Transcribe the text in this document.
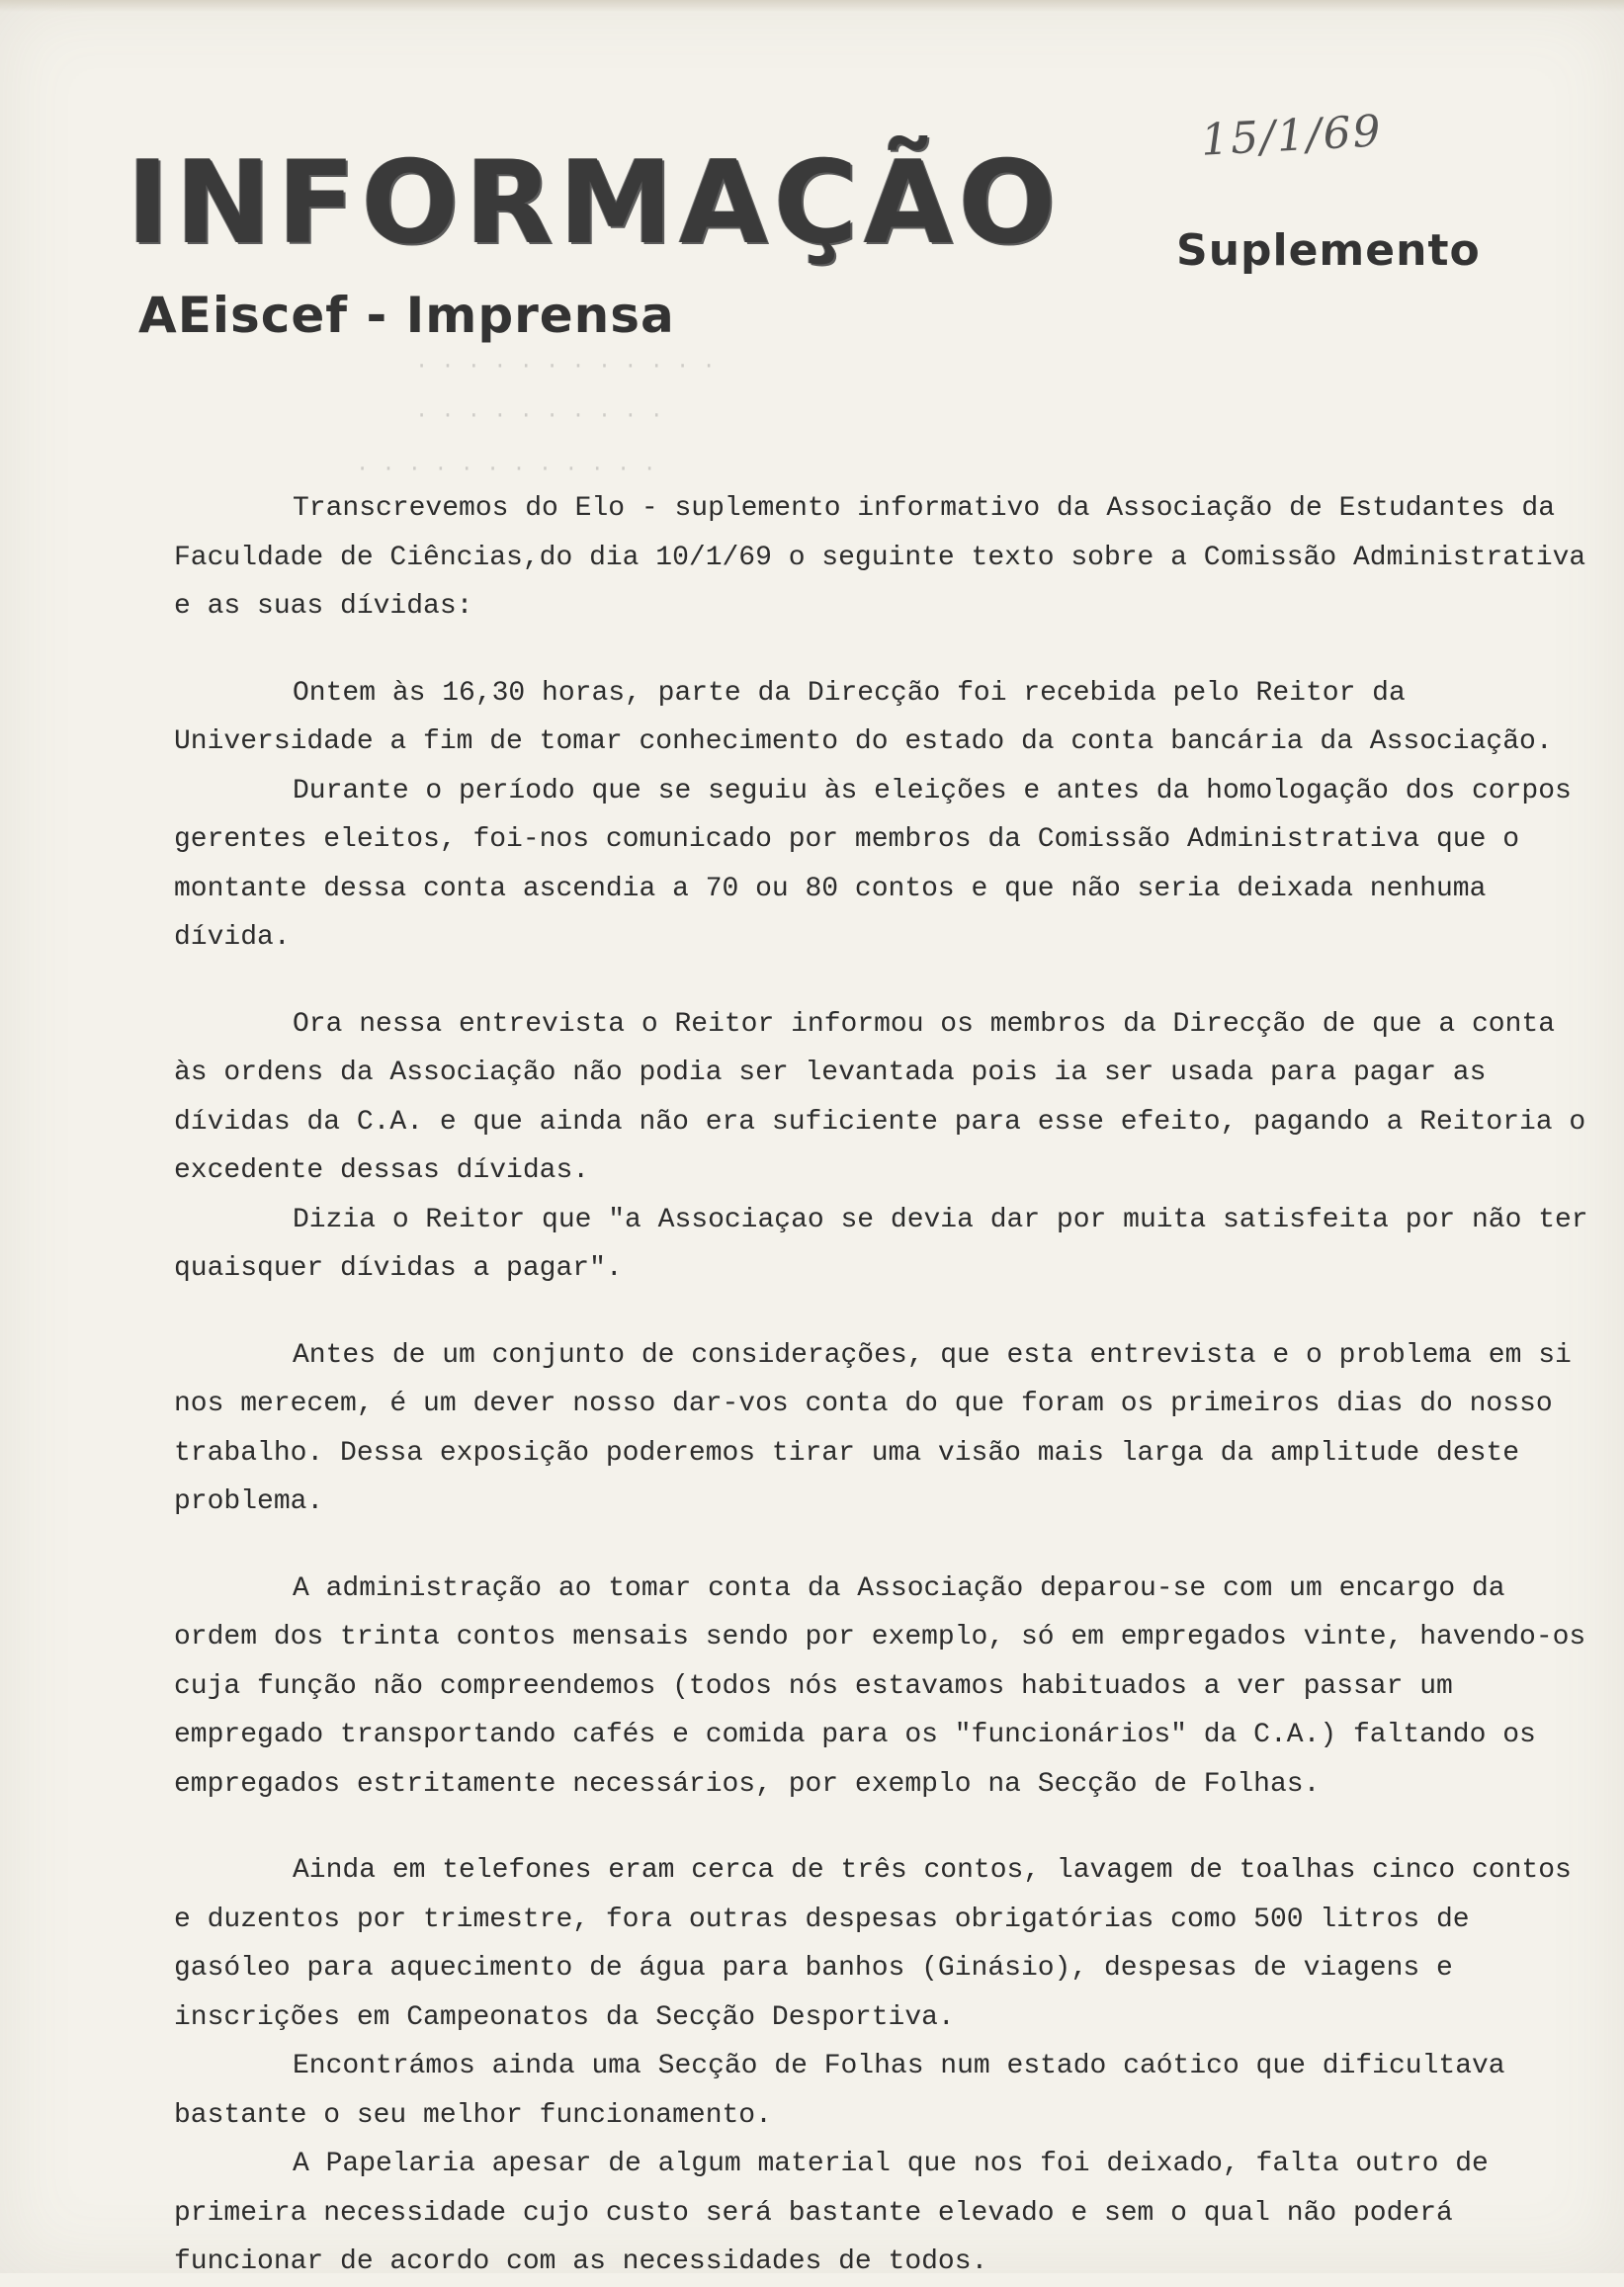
15/1/69
INFORMAÇÃO	Suplemento
AEiscef - Imprensa
· · · · · · · · · · · ·
· · · · · · · · · ·
· · · · · · · · · · · ·

Transcrevemos do Elo - suplemento informativo da Associação de Estudantes da Faculdade de Ciências,do dia 10/1/69 o seguinte texto sobre a Comissão Administrativa e as suas dívidas:

Ontem às 16,30 horas, parte da Direcção foi recebida pelo Reitor da Universidade a fim de tomar conhecimento do estado da conta bancária da Associação.

Durante o período que se seguiu às eleições e antes da homologação dos corpos gerentes eleitos, foi-nos comunicado por membros da Comissão Administrativa que o montante dessa conta ascendia a 70 ou 80 contos e que não seria deixada nenhuma dívida.

Ora nessa entrevista o Reitor informou os membros da Direcção de que a conta às ordens da Associação não podia ser levantada pois ia ser usada para pagar as dívidas da C.A. e que ainda não era suficiente para esse efeito, pagando a Reitoria o excedente dessas dívidas.

Dizia o Reitor que "a Associaçao se devia dar por muita satisfeita por não ter quaisquer dívidas a pagar".

Antes de um conjunto de considerações, que esta entrevista e o problema em si nos merecem, é um dever nosso dar-vos conta do que foram os primeiros dias do nosso trabalho. Dessa exposição poderemos tirar uma visão mais larga da amplitude deste problema.

A administração ao tomar conta da Associação deparou-se com um encargo da ordem dos trinta contos mensais sendo por exemplo, só em empregados vinte, havendo-os cuja função não compreendemos (todos nós estavamos habituados a ver passar um empregado transportando cafés e comida para os "funcionários" da C.A.) faltando os empregados estritamente necessários, por exemplo na Secção de Folhas.

Ainda em telefones eram cerca de três contos, lavagem de toalhas cinco contos e duzentos por trimestre, fora outras despesas obrigatórias como 500 litros de gasóleo para aquecimento de água para banhos (Ginásio), despesas de viagens e inscrições em Campeonatos da Secção Desportiva.

Encontrámos ainda uma Secção de Folhas num estado caótico que dificultava bastante o seu melhor funcionamento.

A Papelaria apesar de algum material que nos foi deixado, falta outro de primeira necessidade cujo custo será bastante elevado e sem o qual não poderá funcionar de acordo com as necessidades de todos.
